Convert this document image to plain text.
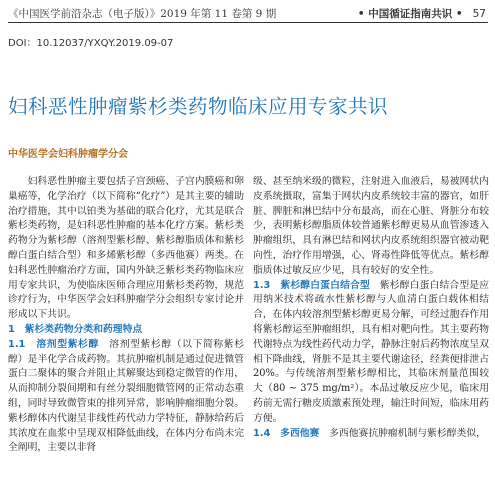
《中国医学前沿杂志（电子版）》2019 年第 11 卷第 9 期	• 中国循证指南共识 • 57
DOI：10.12037/YXQY.2019.09-07
妇科恶性肿瘤紫杉类药物临床应用专家共识
中华医学会妇科肿瘤学分会

妇科恶性肿瘤主要包括子宫颈癌、子宫内膜癌和卵巢癌等，化学治疗（以下简称“化疗”）是其主要的辅助治疗措施，其中以铂类为基础的联合化疗，尤其是联合紫杉类药物，是妇科恶性肿瘤的基本化疗方案。紫杉类药物分为紫杉醇（溶剂型紫杉醇、紫杉醇脂质体和紫杉醇白蛋白结合型）和多烯紫杉醇（多西他赛）两类。在妇科恶性肿瘤治疗方面，国内外缺乏紫杉类药物临床应用专家共识，为使临床医师合理应用紫杉类药物，规范诊疗行为，中华医学会妇科肿瘤学分会组织专家讨论并形成以下共识。

1　紫杉类药物分类和药理特点

1.1　溶剂型紫杉醇　 溶剂型紫杉醇（以下简称紫杉醇）是半化学合成药物。其抗肿瘤机制是通过促进微管蛋白二聚体的聚合并阻止其解聚达到稳定微管的作用，从而抑制分裂间期和有丝分裂细胞微管网的正常动态重组，同时导致微管束的排列异常，影响肿瘤细胞分裂。紫杉醇体内代谢呈非线性药代动力学特征，静脉给药后其浓度在血浆中呈现双相降低曲线，在体内分布尚未完全阐明，主要以非肾

级、甚至纳米级的微粒，注射进入血液后，易被网状内皮系统摄取，富集于网状内皮系统较丰富的器官，如肝脏、脾脏和淋巴结中分布最高，而在心脏、肾脏分布较少，表明紫杉醇脂质体较普通紫杉醇更易从血管渗透入肿瘤组织，具有淋巴结和网状内皮系统组织器官被动靶向性，治疗作用增强，心、肾毒性降低等优点。紫杉醇脂质体过敏反应少见，具有较好的安全性。

1.3　紫杉醇白蛋白结合型　 紫杉醇白蛋白结合型是应用纳米技术将疏水性紫杉醇与人血清白蛋白载体相结合，在体内较溶剂型紫杉醇更易分解，可经过胞吞作用将紫杉醇运至肿瘤组织，具有相对靶向性。其主要药物代谢特点为线性药代动力学，静脉注射后药物浓度呈双相下降曲线，肾脏不是其主要代谢途径，经粪便排泄占20%。与传统溶剂型紫杉醇相比，其临床剂量范围较大（80 ~ 375 mg/m²）。本品过敏反应少见，临床用药前无需行糖皮质激素预处理，输注时间短，临床用药方便。

1.4　多西他赛　 多西他赛抗肿瘤机制与紫杉醇类似，
